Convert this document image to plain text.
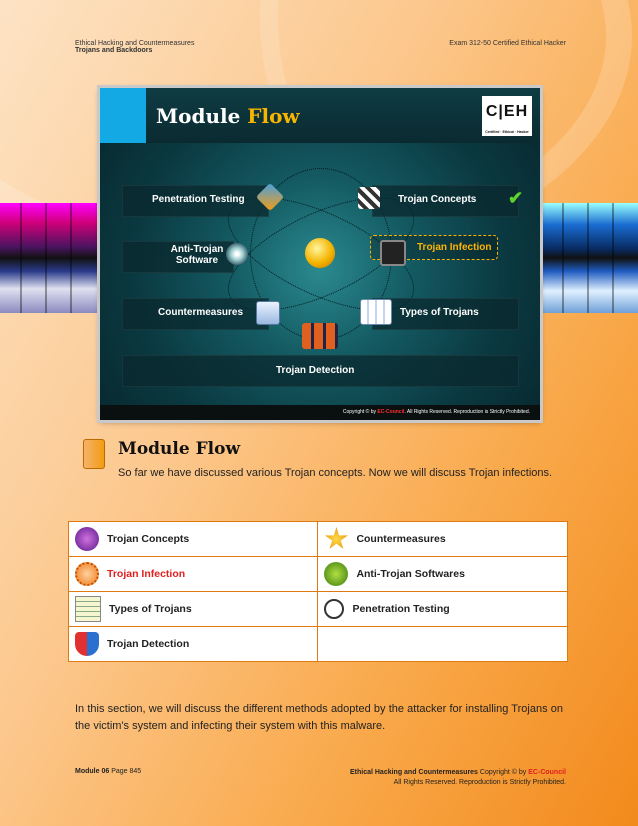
Ethical Hacking and Countermeasures
Trojans and Backdoors
Exam 312-50 Certified Ethical Hacker
Module Flow	C|EH
Certified · Ethical · Hacker
Penetration Testing	Trojan Concepts ✔
Anti-Trojan Software
Trojan Infection
Countermeasures	Types of Trojans
Trojan Detection
Copyright © by EC-Council. All Rights Reserved. Reproduction is Strictly Prohibited.
Module Flow
So far we have discussed various Trojan concepts. Now we will discuss Trojan infections.
Trojan Concepts	Countermeasures
Trojan Infection	Anti-Trojan Softwares
Types of Trojans	Penetration Testing
Trojan Detection	
In this section, we will discuss the different methods adopted by the attacker for installing Trojans on the victim's system and infecting their system with this malware.
Module 06 Page 845	Ethical Hacking and Countermeasures Copyright © by EC-Council
All Rights Reserved. Reproduction is Strictly Prohibited.
